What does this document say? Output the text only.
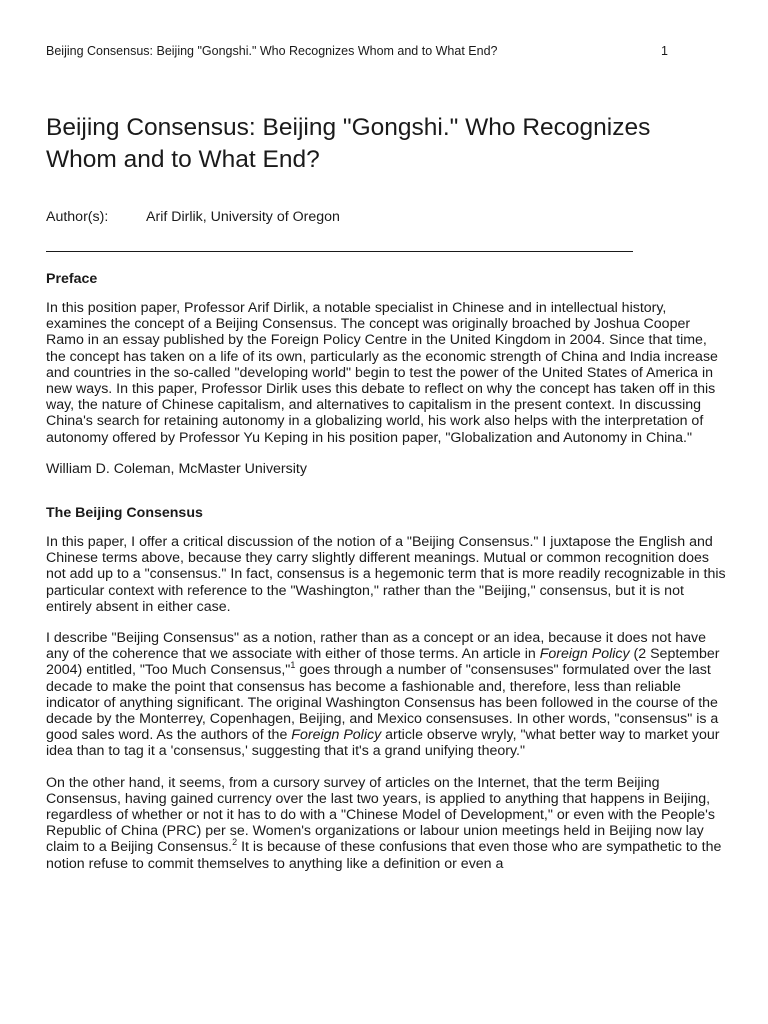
Beijing Consensus: Beijing "Gongshi." Who Recognizes Whom and to What End?	1
Beijing Consensus: Beijing "Gongshi." Who Recognizes Whom and to What End?
Author(s):	Arif Dirlik, University of Oregon
Preface

In this position paper, Professor Arif Dirlik, a notable specialist in Chinese and in intellectual history, examines the concept of a Beijing Consensus. The concept was originally broached by Joshua Cooper Ramo in an essay published by the Foreign Policy Centre in the United Kingdom in 2004. Since that time, the concept has taken on a life of its own, particularly as the economic strength of China and India increase and countries in the so-called "developing world" begin to test the power of the United States of America in new ways. In this paper, Professor Dirlik uses this debate to reflect on why the concept has taken off in this way, the nature of Chinese capitalism, and alternatives to capitalism in the present context. In discussing China's search for retaining autonomy in a globalizing world, his work also helps with the interpretation of autonomy offered by Professor Yu Keping in his position paper, "Globalization and Autonomy in China."

William D. Coleman, McMaster University

The Beijing Consensus

In this paper, I offer a critical discussion of the notion of a "Beijing Consensus." I juxtapose the English and Chinese terms above, because they carry slightly different meanings. Mutual or common recognition does not add up to a "consensus." In fact, consensus is a hegemonic term that is more readily recognizable in this particular context with reference to the "Washington," rather than the "Beijing," consensus, but it is not entirely absent in either case.

I describe "Beijing Consensus" as a notion, rather than as a concept or an idea, because it does not have any of the coherence that we associate with either of those terms. An article in Foreign Policy (2 September 2004) entitled, "Too Much Consensus,"$^1$ goes through a number of "consensuses" formulated over the last decade to make the point that consensus has become a fashionable and, therefore, less than reliable indicator of anything significant. The original Washington Consensus has been followed in the course of the decade by the Monterrey, Copenhagen, Beijing, and Mexico consensuses. In other words, "consensus" is a good sales word. As the authors of the Foreign Policy article observe wryly, "what better way to market your idea than to tag it a 'consensus,' suggesting that it's a grand unifying theory."

On the other hand, it seems, from a cursory survey of articles on the Internet, that the term Beijing Consensus, having gained currency over the last two years, is applied to anything that happens in Beijing, regardless of whether or not it has to do with a "Chinese Model of Development," or even with the People's Republic of China (PRC) per se. Women's organizations or labour union meetings held in Beijing now lay claim to a Beijing Consensus.$^2$ It is because of these confusions that even those who are sympathetic to the notion refuse to commit themselves to anything like a definition or even a
